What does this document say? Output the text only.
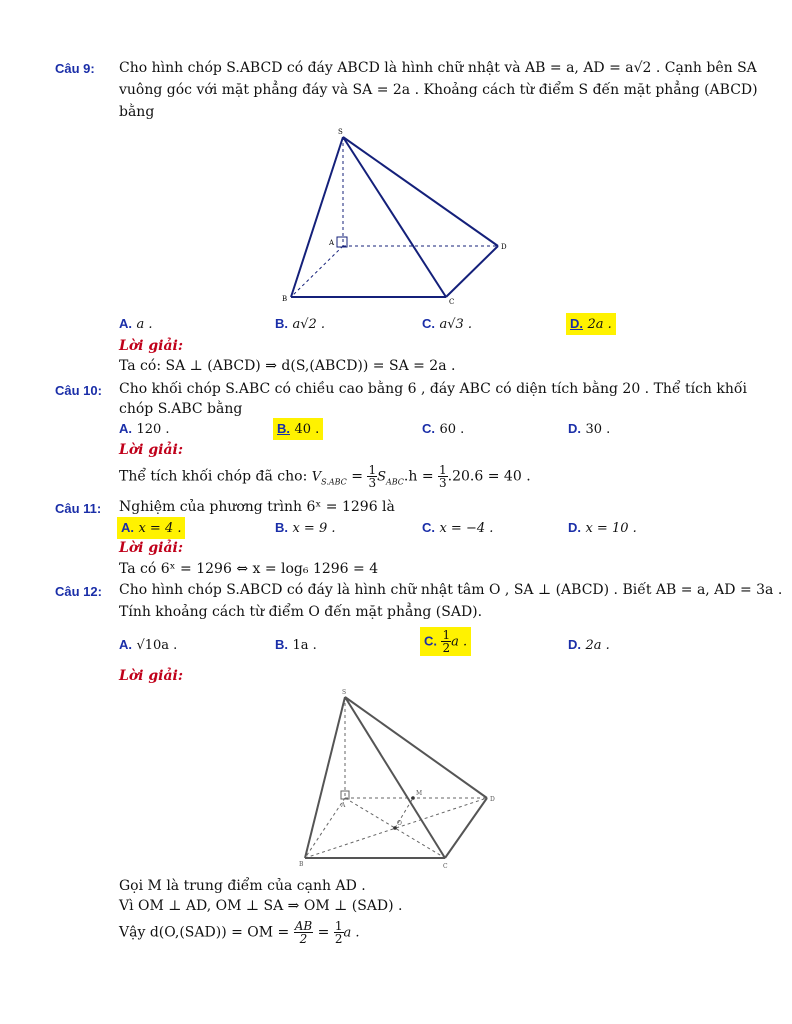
Câu 9: Cho hình chóp S.ABCD có đáy ABCD là hình chữ nhật và AB = a, AD = a√2 . Cạnh bên SA
vuông góc với mặt phẳng đáy và SA = 2a . Khoảng cách từ điểm S đến mặt phẳng (ABCD)
bằng
S
A
B	C
D
A. a .	B. a√2 .	C. a√3 .	D. 2a .
Lời giải:
Ta có: SA ⊥ (ABCD) ⇒ d(S,(ABCD)) = SA = 2a .
Câu 10: Cho khối chóp S.ABC có chiều cao bằng 6 , đáy ABC có diện tích bằng 20 . Thể tích khối
chóp S.ABC bằng
A. 120 .	B. 40 .	C. 60 .	D. 30 .
Lời giải:
Thể tích khối chóp đã cho: $V_{S.ABC} = \frac{1}{3} S_{ABC}.h = \frac{1}{3} .20.6 = 40$ .
Câu 11: Nghiệm của phương trình 6ˣ = 1296 là
A. x = 4 .	B. x = 9 .	C. x = −4 .	D. x = 10 .
Lời giải:
Ta có 6ˣ = 1296 ⇔ x = log₆ 1296 = 4
Câu 12: Cho hình chóp S.ABCD có đáy là hình chữ nhật tâm O , SA ⊥ (ABCD) . Biết AB = a, AD = 3a .
Tính khoảng cách từ điểm O đến mặt phẳng (SAD).
A. √10a .	B. 1a .	C. $\frac{1}{2}$ a .	D. 2a .
Lời giải:
S
A
B	C
D
M
O
Gọi M là trung điểm của cạnh AD .
Vì OM ⊥ AD, OM ⊥ SA ⇒ OM ⊥ (SAD) .
Vậy d(O,(SAD)) = OM = $\frac{AB}{2} = \frac{1}{2}$ a .
